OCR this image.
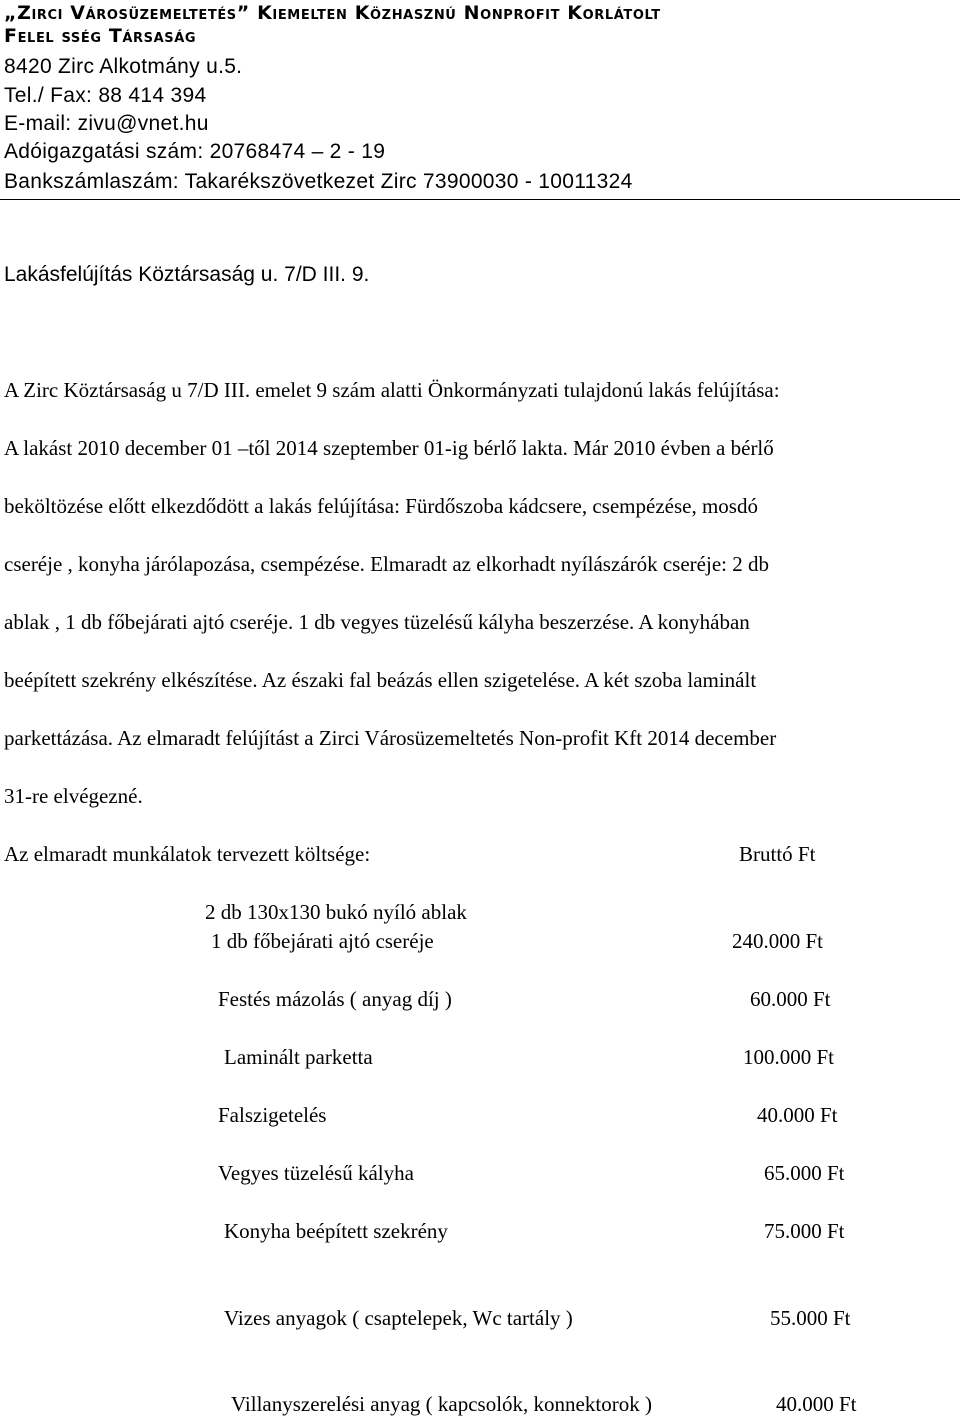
„Zirci Városüzemeltetés” Kiemelten Közhasznú Nonprofit Korlátolt
Felel sség Társaság
8420 Zirc Alkotmány u.5.
Tel./ Fax: 88 414 394
E-mail: zivu@vnet.hu
Adóigazgatási szám: 20768474 – 2 - 19
Bankszámlaszám: Takarékszövetkezet Zirc 73900030 - 10011324
Lakásfelújítás Köztársaság u. 7/D III. 9.
A Zirc Köztársaság u 7/D III. emelet 9 szám alatti Önkormányzati tulajdonú lakás felújítása:
A lakást 2010 december 01 –től 2014 szeptember 01-ig bérlő lakta. Már 2010 évben a bérlő
beköltözése előtt elkezdődött a lakás felújítása: Fürdőszoba kádcsere, csempézése, mosdó
cseréje , konyha járólapozása, csempézése. Elmaradt az elkorhadt nyílászárók cseréje: 2 db
ablak , 1 db főbejárati ajtó cseréje. 1 db vegyes tüzelésű kályha beszerzése. A konyhában
beépített szekrény elkészítése. Az északi fal beázás ellen szigetelése. A két szoba laminált
parkettázása. Az elmaradt felújítást a Zirci Városüzemeltetés Non-profit Kft 2014 december
31-re elvégezné.
Az elmaradt munkálatok tervezett költsége:	Bruttó Ft
2 db 130x130 bukó nyíló ablak
1 db főbejárati ajtó cseréje	240.000 Ft
Festés mázolás ( anyag díj )	60.000 Ft
Laminált parketta	100.000 Ft
Falszigetelés	40.000 Ft
Vegyes tüzelésű kályha	65.000 Ft
Konyha beépített szekrény	75.000 Ft
Vizes anyagok ( csaptelepek, Wc tartály )	55.000 Ft
Villanyszerelési anyag ( kapcsolók, konnektorok )	40.000 Ft
